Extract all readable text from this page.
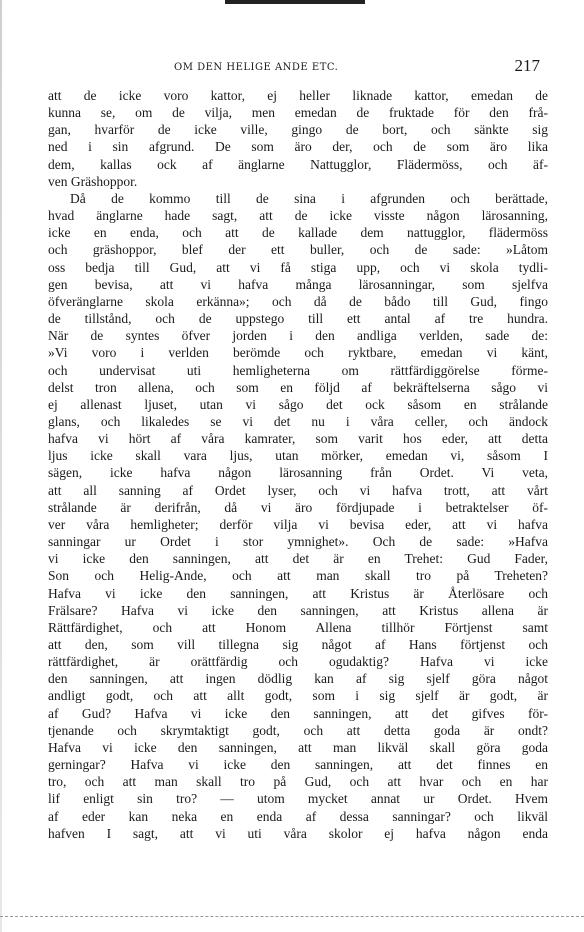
OM DEN HELIGE ANDE ETC.	217
att de icke voro kattor, ej heller liknade kattor, emedan de
kunna se, om de vilja, men emedan de fruktade för den frå-
gan, hvarför de icke ville, gingo de bort, och sänkte sig
ned i sin afgrund. De som äro der, och de som äro lika
dem, kallas ock af änglarne Nattugglor, Flädermöss, och äf-
ven Gräshoppor.
Då de kommo till de sina i afgrunden och berättade,
hvad änglarne hade sagt, att de icke visste någon lärosanning,
icke en enda, och att de kallade dem nattugglor, flädermöss
och gräshoppor, blef der ett buller, och de sade: »Låtom
oss bedja till Gud, att vi få stiga upp, och vi skola tydli-
gen bevisa, att vi hafva många lärosanningar, som sjelfva
öfveränglarne skola erkänna»; och då de bådo till Gud, fingo
de tillstånd, och de uppstego till ett antal af tre hundra.
När de syntes öfver jorden i den andliga verlden, sade de:
»Vi voro i verlden berömde och ryktbare, emedan vi känt,
och undervisat uti hemligheterna om rättfärdiggörelse förme-
delst tron allena, och som en följd af bekräftelserna sågo vi
ej allenast ljuset, utan vi sågo det ock såsom en strålande
glans, och likaledes se vi det nu i våra celler, och ändock
hafva vi hört af våra kamrater, som varit hos eder, att detta
ljus icke skall vara ljus, utan mörker, emedan vi, såsom I
sägen, icke hafva någon lärosanning från Ordet. Vi veta,
att all sanning af Ordet lyser, och vi hafva trott, att vårt
strålande är derifrån, då vi äro fördjupade i betraktelser öf-
ver våra hemligheter; derför vilja vi bevisa eder, att vi hafva
sanningar ur Ordet i stor ymnighet». Och de sade: »Hafva
vi icke den sanningen, att det är en Trehet: Gud Fader,
Son och Helig-Ande, och att man skall tro på Treheten?
Hafva vi icke den sanningen, att Kristus är Återlösare och
Frälsare? Hafva vi icke den sanningen, att Kristus allena är
Rättfärdighet, och att Honom Allena tillhör Förtjenst samt
att den, som vill tillegna sig något af Hans förtjenst och
rättfärdighet, är orättfärdig och ogudaktig? Hafva vi icke
den sanningen, att ingen dödlig kan af sig sjelf göra något
andligt godt, och att allt godt, som i sig sjelf är godt, är
af Gud? Hafva vi icke den sanningen, att det gifves för-
tjenande och skrymtaktigt godt, och att detta goda är ondt?
Hafva vi icke den sanningen, att man likväl skall göra goda
gerningar? Hafva vi icke den sanningen, att det finnes en
tro, och att man skall tro på Gud, och att hvar och en har
lif enligt sin tro? — utom mycket annat ur Ordet. Hvem
af eder kan neka en enda af dessa sanningar? och likväl
hafven I sagt, att vi uti våra skolor ej hafva någon enda
